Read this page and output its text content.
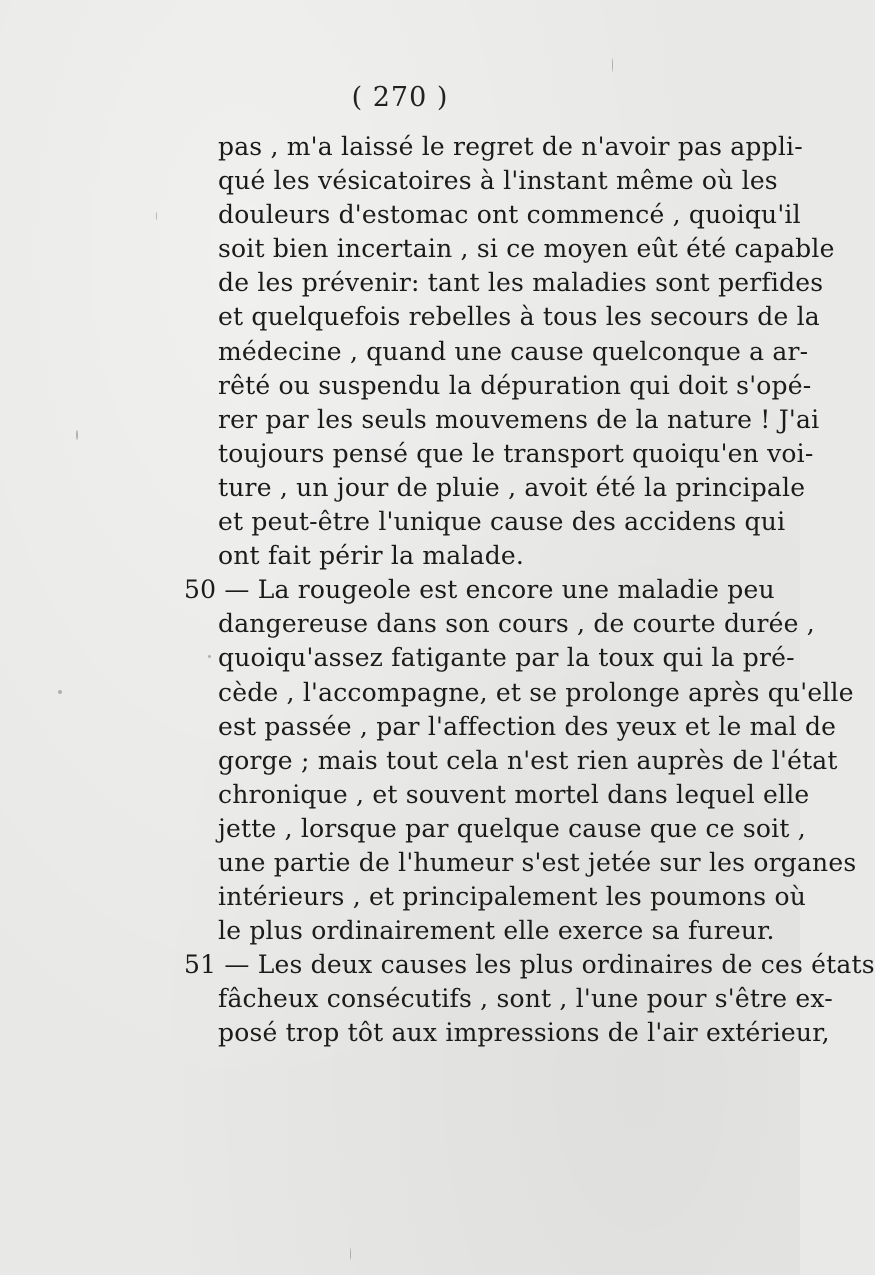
( 270 )
pas , m'a laissé le regret de n'avoir pas appli-
qué les vésicatoires à l'instant même où les
douleurs d'estomac ont commencé , quoiqu'il
soit bien incertain , si ce moyen eût été capable
de les prévenir: tant les maladies sont perfides
et quelquefois rebelles à tous les secours de la
médecine , quand une cause quelconque a ar-
rêté ou suspendu la dépuration qui doit s'opé-
rer par les seuls mouvemens de la nature ! J'ai
toujours pensé que le transport quoiqu'en voi-
ture , un jour de pluie , avoit été la principale
et peut-être l'unique cause des accidens qui
ont fait périr la malade.
50 — La rougeole est encore une maladie peu
dangereuse dans son cours , de courte durée ,
quoiqu'assez fatigante par la toux qui la pré-
cède , l'accompagne, et se prolonge après qu'elle
est passée , par l'affection des yeux et le mal de
gorge ; mais tout cela n'est rien auprès de l'état
chronique , et souvent mortel dans lequel elle
jette , lorsque par quelque cause que ce soit ,
une partie de l'humeur s'est jetée sur les organes
intérieurs , et principalement les poumons où
le plus ordinairement elle exerce sa fureur.
51 — Les deux causes les plus ordinaires de ces états
fâcheux consécutifs , sont , l'une pour s'être ex-
posé trop tôt aux impressions de l'air extérieur,
